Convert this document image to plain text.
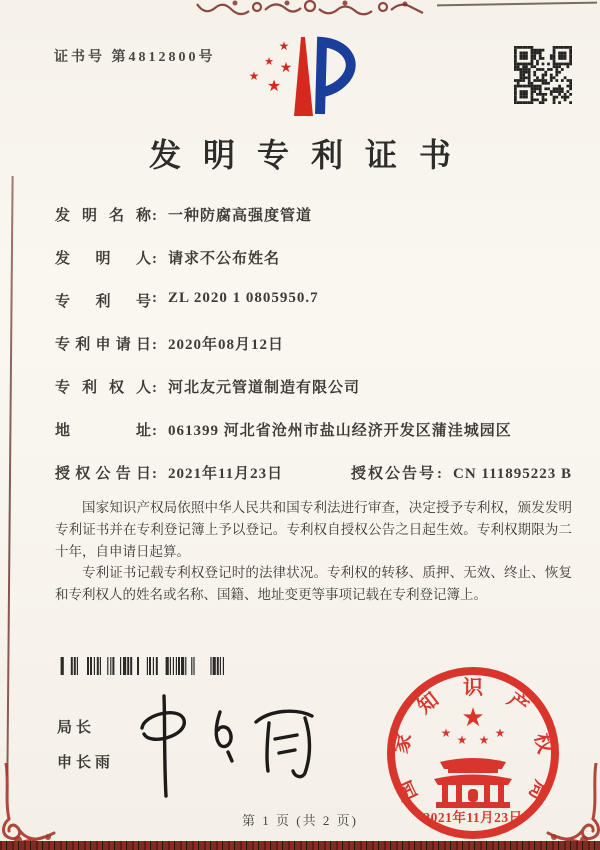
证书号 第4812800号
★
★ ★
★ ★
发明专利证书
发明名称: 一种防腐高强度管道
发明人: 请求不公布姓名
专利号: ZL 2020 1 0805950.7
专利申请日: 2020年08月12日
专利权人: 河北友元管道制造有限公司
地址: 061399 河北省沧州市盐山经济开发区蒲洼城园区
授权公告日: 2021年11月23日	授权公告号: CN 111895223 B

国家知识产权局依照中华人民共和国专利法进行审查，决定授予专利权，颁发发明专利证书并在专利登记簿上予以登记。专利权自授权公告之日起生效。专利权期限为二十年，自申请日起算。

专利证书记载专利权登记时的法律状况。专利权的转移、质押、无效、终止、恢复和专利权人的姓名或名称、国籍、地址变更等事项记载在专利登记簿上。

局长
申长雨
国
家
知
识
产
权
局
★
★ ★ ★ ★
2021年11月23日
第 1 页 (共 2 页)
